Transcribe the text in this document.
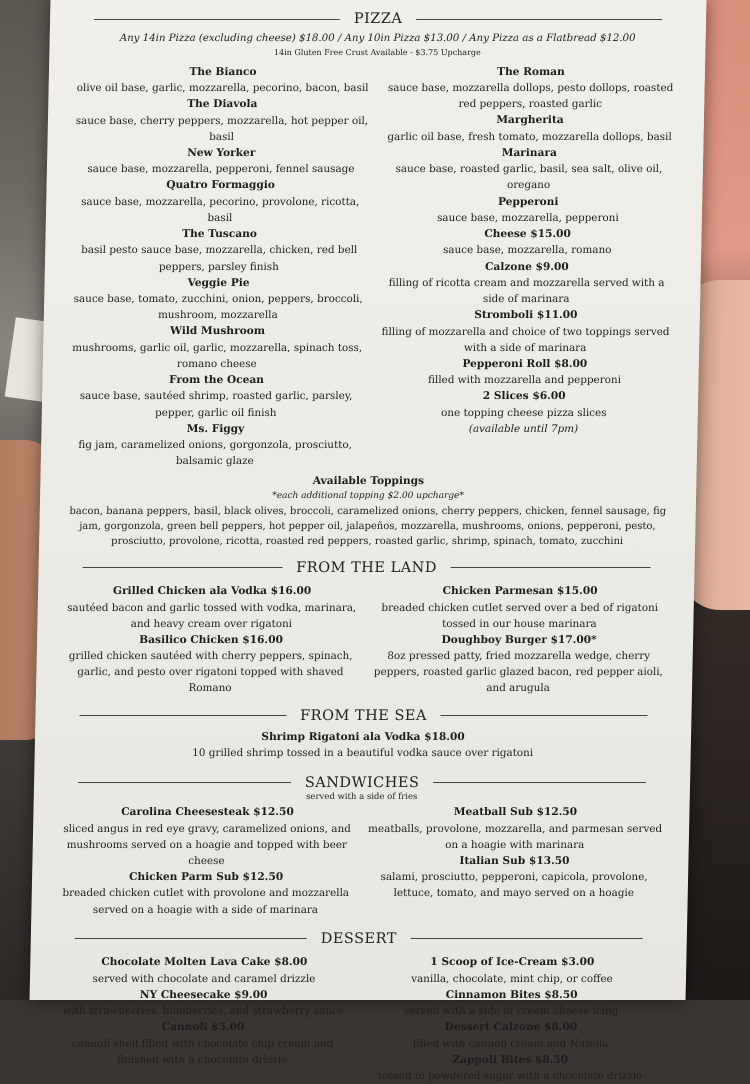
PIZZA
Any 14in Pizza (excluding cheese) $18.00 / Any 10in Pizza $13.00 / Any Pizza as a Flatbread $12.00
14in Gluten Free Crust Available - $3.75 Upcharge
The Bianco
olive oil base, garlic, mozzarella, pecorino, bacon, basil
The Diavola
sauce base, cherry peppers, mozzarella, hot pepper oil, basil
New Yorker
sauce base, mozzarella, pepperoni, fennel sausage
Quatro Formaggio
sauce base, mozzarella, pecorino, provolone, ricotta, basil
The Tuscano
basil pesto sauce base, mozzarella, chicken, red bell peppers, parsley finish
Veggie Pie
sauce base, tomato, zucchini, onion, peppers, broccoli, mushroom, mozzarella
Wild Mushroom
mushrooms, garlic oil, garlic, mozzarella, spinach toss, romano cheese
From the Ocean
sauce base, sautéed shrimp, roasted garlic, parsley, pepper, garlic oil finish
Ms. Figgy
fig jam, caramelized onions, gorgonzola, prosciutto, balsamic glaze
The Roman
sauce base, mozzarella dollops, pesto dollops, roasted red peppers, roasted garlic
Margherita
garlic oil base, fresh tomato, mozzarella dollops, basil
Marinara
sauce base, roasted garlic, basil, sea salt, olive oil, oregano
Pepperoni
sauce base, mozzarella, pepperoni
Cheese $15.00
sauce base, mozzarella, romano
Calzone $9.00
filling of ricotta cream and mozzarella served with a side of marinara
Stromboli $11.00
filling of mozzarella and choice of two toppings served with a side of marinara
Pepperoni Roll $8.00
filled with mozzarella and pepperoni
2 Slices $6.00
one topping cheese pizza slices
(available until 7pm)
Available Toppings
*each additional topping $2.00 upcharge*
bacon, banana peppers, basil, black olives, broccoli, caramelized onions, cherry peppers, chicken, fennel sausage, fig jam, gorgonzola, green bell peppers, hot pepper oil, jalapeños, mozzarella, mushrooms, onions, pepperoni, pesto, prosciutto, provolone, ricotta, roasted red peppers, roasted garlic, shrimp, spinach, tomato, zucchini
FROM THE LAND
Grilled Chicken ala Vodka $16.00
sautéed bacon and garlic tossed with vodka, marinara, and heavy cream over rigatoni
Basilico Chicken $16.00
grilled chicken sautéed with cherry peppers, spinach, garlic, and pesto over rigatoni topped with shaved Romano
Chicken Parmesan $15.00
breaded chicken cutlet served over a bed of rigatoni tossed in our house marinara
Doughboy Burger $17.00*
8oz pressed patty, fried mozzarella wedge, cherry peppers, roasted garlic glazed bacon, red pepper aioli, and arugula
FROM THE SEA
Shrimp Rigatoni ala Vodka $18.00
10 grilled shrimp tossed in a beautiful vodka sauce over rigatoni
SANDWICHES
served with a side of fries
Carolina Cheesesteak $12.50
sliced angus in red eye gravy, caramelized onions, and mushrooms served on a hoagie and topped with beer cheese
Chicken Parm Sub $12.50
breaded chicken cutlet with provolone and mozzarella served on a hoagie with a side of marinara
Meatball Sub $12.50
meatballs, provolone, mozzarella, and parmesan served on a hoagie with marinara
Italian Sub $13.50
salami, prosciutto, pepperoni, capicola, provolone, lettuce, tomato, and mayo served on a hoagie
DESSERT
Chocolate Molten Lava Cake $8.00
served with chocolate and caramel drizzle
NY Cheesecake $9.00
with strawberries, blueberries, and strawberry sauce
Cannoli $5.00
cannoli shell filled with chocolate chip cream and finished with a chocolate drizzle
1 Scoop of Ice-Cream $3.00
vanilla, chocolate, mint chip, or coffee
Cinnamon Bites $8.50
served with a side of cream cheese icing
Dessert Calzone $8.00
filled with cannoli cream and Nutella
Zappoli Bites $8.50
tossed in powdered sugar with a chocolate drizzle
